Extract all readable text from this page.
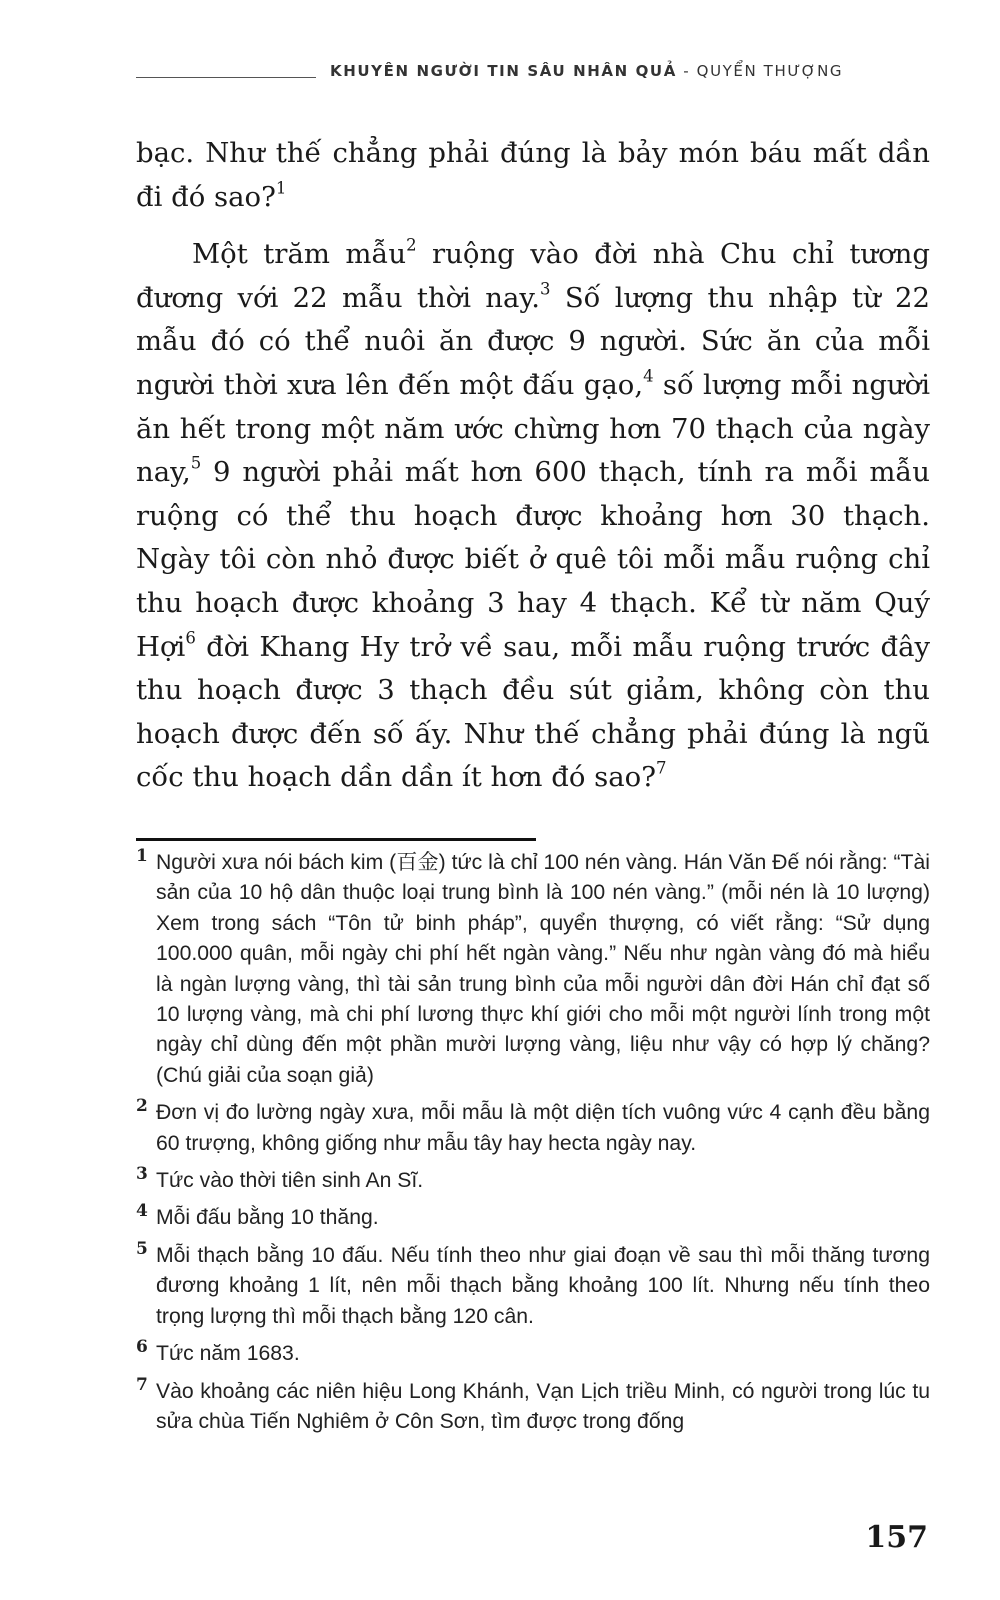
KHUYÊN NGƯỜI TIN SÂU NHÂN QUẢ - QUYỂN THƯỢNG

bạc. Như thế chẳng phải đúng là bảy món báu mất dần đi đó sao?$^1$

Một trăm mẫu$^2$ ruộng vào đời nhà Chu chỉ tương đương với 22 mẫu thời nay.$^3$ Số lượng thu nhập từ 22 mẫu đó có thể nuôi ăn được 9 người. Sức ăn của mỗi người thời xưa lên đến một đấu gạo,$^4$ số lượng mỗi người ăn hết trong một năm ước chừng hơn 70 thạch của ngày nay,$^5$ 9 người phải mất hơn 600 thạch, tính ra mỗi mẫu ruộng có thể thu hoạch được khoảng hơn 30 thạch. Ngày tôi còn nhỏ được biết ở quê tôi mỗi mẫu ruộng chỉ thu hoạch được khoảng 3 hay 4 thạch. Kể từ năm Quý Hợi$^6$ đời Khang Hy trở về sau, mỗi mẫu ruộng trước đây thu hoạch được 3 thạch đều sút giảm, không còn thu hoạch được đến số ấy. Như thế chẳng phải đúng là ngũ cốc thu hoạch dần dần ít hơn đó sao?$^7$

1 Người xưa nói bách kim (百金) tức là chỉ 100 nén vàng. Hán Văn Đế nói rằng: “Tài sản của 10 hộ dân thuộc loại trung bình là 100 nén vàng.” (mỗi nén là 10 lượng) Xem trong sách “Tôn tử binh pháp”, quyển thượng, có viết rằng: “Sử dụng 100.000 quân, mỗi ngày chi phí hết ngàn vàng.” Nếu như ngàn vàng đó mà hiểu là ngàn lượng vàng, thì tài sản trung bình của mỗi người dân đời Hán chỉ đạt số 10 lượng vàng, mà chi phí lương thực khí giới cho mỗi một người lính trong một ngày chỉ dùng đến một phần mười lượng vàng, liệu như vậy có hợp lý chăng? (Chú giải của soạn giả)
2 Đơn vị đo lường ngày xưa, mỗi mẫu là một diện tích vuông vức 4 cạnh đều bằng 60 trượng, không giống như mẫu tây hay hecta ngày nay.
3 Tức vào thời tiên sinh An Sĩ.
4 Mỗi đấu bằng 10 thăng.
5 Mỗi thạch bằng 10 đấu. Nếu tính theo như giai đoạn về sau thì mỗi thăng tương đương khoảng 1 lít, nên mỗi thạch bằng khoảng 100 lít. Nhưng nếu tính theo trọng lượng thì mỗi thạch bằng 120 cân.
6 Tức năm 1683.
7 Vào khoảng các niên hiệu Long Khánh, Vạn Lịch triều Minh, có người trong lúc tu sửa chùa Tiến Nghiêm ở Côn Sơn, tìm được trong đống
157
